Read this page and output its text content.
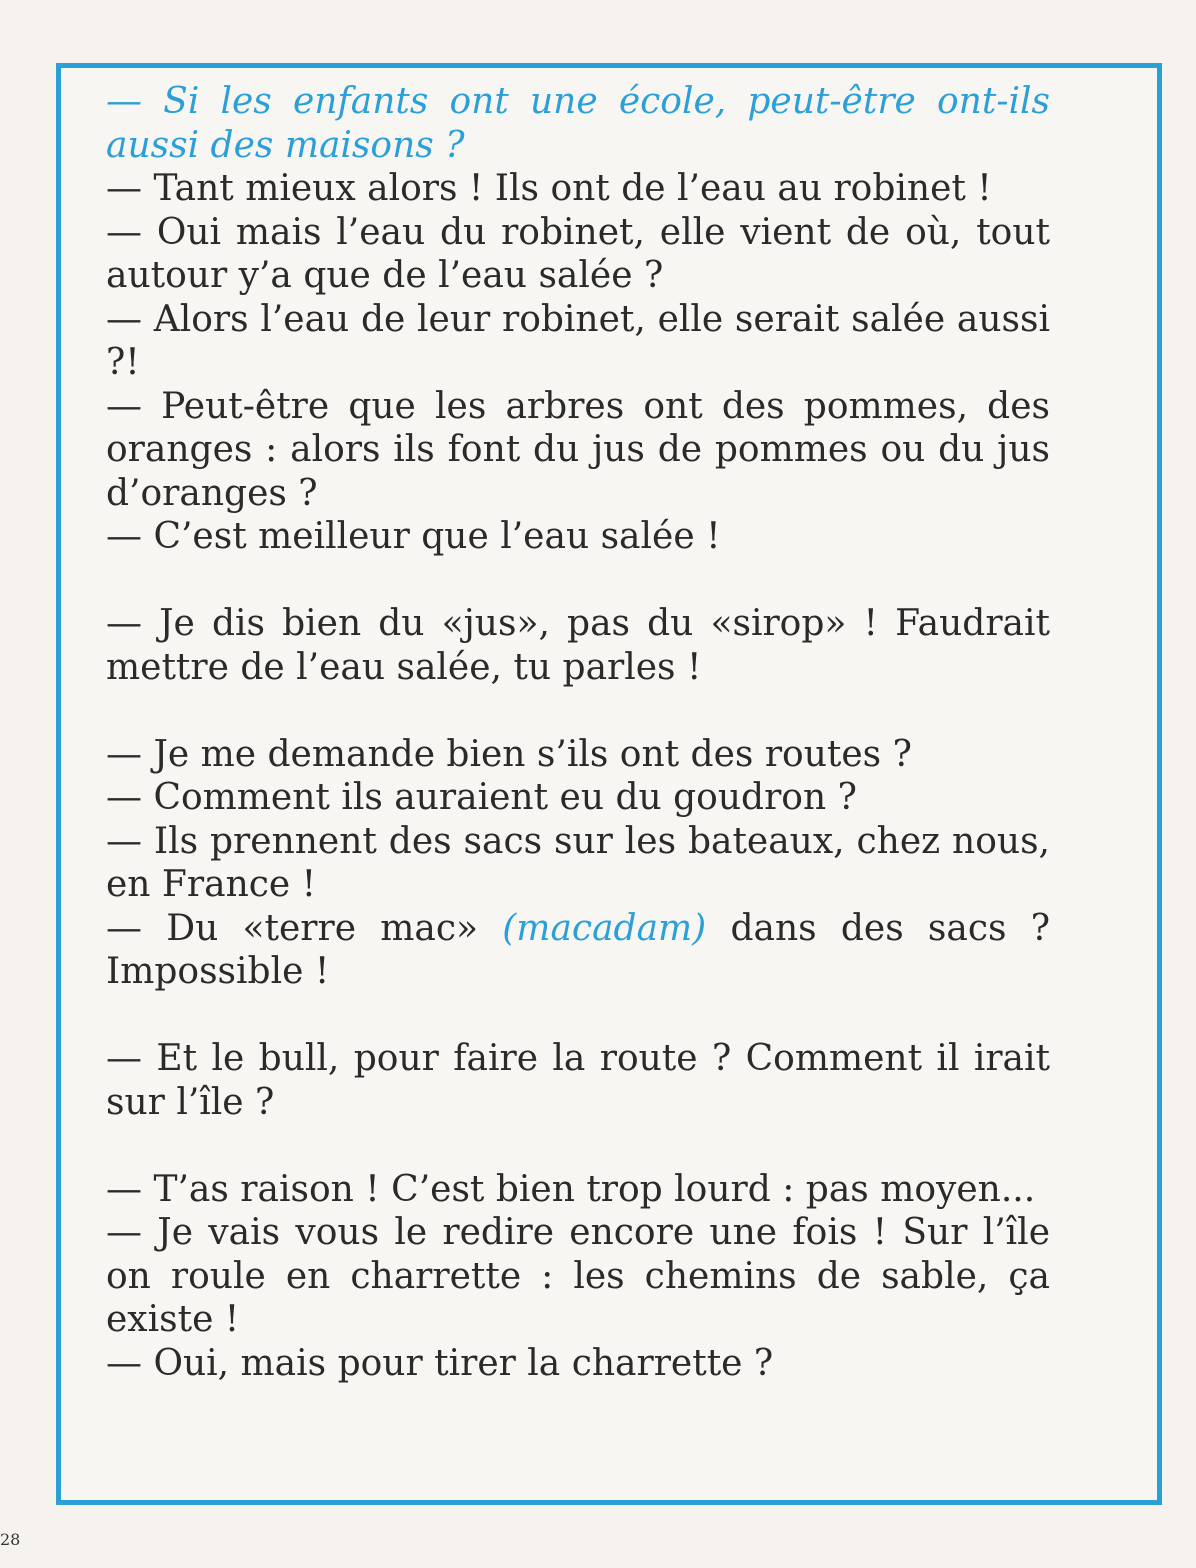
— Si les enfants ont une école, peut-être ont-ils aussi des maisons ?

— Tant mieux alors ! Ils ont de l’eau au robinet !

— Oui mais l’eau du robinet, elle vient de où, tout autour y’a que de l’eau salée ?

— Alors l’eau de leur robinet, elle serait salée aussi ?!

— Peut-être que les arbres ont des pommes, des oranges : alors ils font du jus de pommes ou du jus d’oranges ?

— C’est meilleur que l’eau salée !

— Je dis bien du «jus», pas du «sirop» ! Faudrait mettre de l’eau salée, tu parles !

— Je me demande bien s’ils ont des routes ?

— Comment ils auraient eu du goudron ?

— Ils prennent des sacs sur les bateaux, chez nous, en France !

— Du «terre mac» (macadam) dans des sacs ? Impossible !

— Et le bull, pour faire la route ? Comment il irait sur l’île ?

— T’as raison ! C’est bien trop lourd : pas moyen...

— Je vais vous le redire encore une fois ! Sur l’île on roule en charrette : les chemins de sable, ça existe !

— Oui, mais pour tirer la charrette ?

28
